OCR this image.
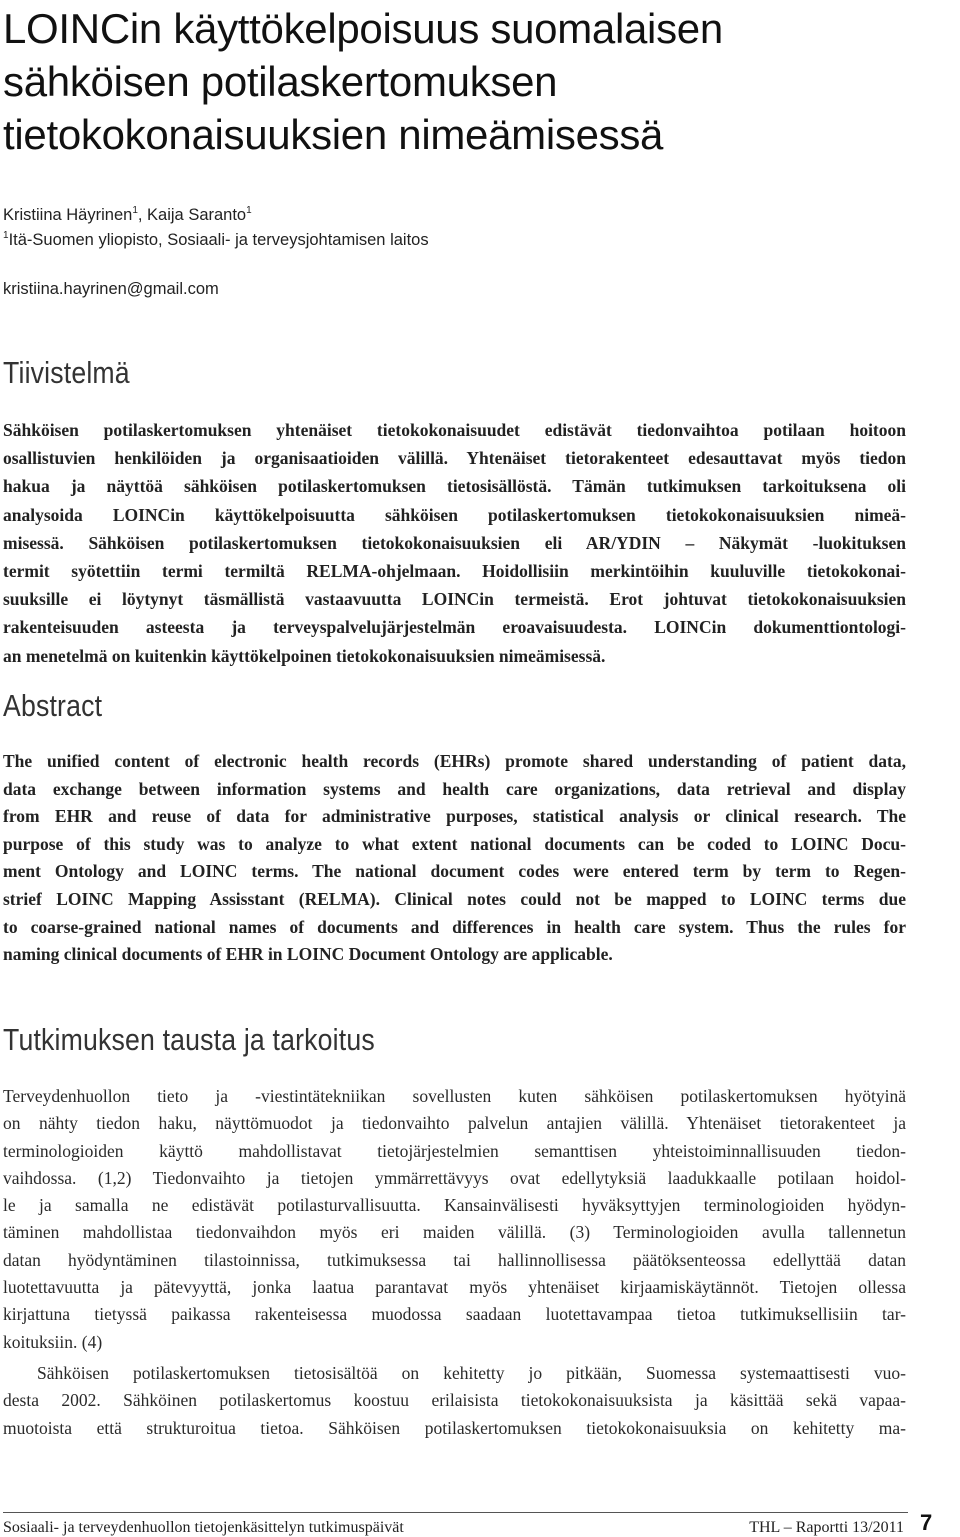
LOINCin käyttökelpoisuus suomalaisen
sähköisen potilaskertomuksen
tietokokonaisuuksien nimeämisessä
Kristiina Häyrinen$^1$, Kaija Saranto$^1$
$^1$Itä-Suomen yliopisto, Sosiaali- ja terveysjohtamisen laitos
kristiina.hayrinen@gmail.com
Tiivistelmä
Sähköisen potilaskertomuksen yhtenäiset tietokokonaisuudet edistävät tiedonvaihtoa potilaan hoitoon
osallistuvien henkilöiden ja organisaatioiden välillä. Yhtenäiset tietorakenteet edesauttavat myös tiedon
hakua ja näyttöä sähköisen potilaskertomuksen tietosisällöstä. Tämän tutkimuksen tarkoituksena oli
analysoida LOINCin käyttökelpoisuutta sähköisen potilaskertomuksen tietokokonaisuuksien nimeä-
misessä. Sähköisen potilaskertomuksen tietokokonaisuuksien eli AR/YDIN – Näkymät -luokituksen
termit syötettiin termi termiltä RELMA-ohjelmaan. Hoidollisiin merkintöihin kuuluville tietokokonai-
suuksille ei löytynyt täsmällistä vastaavuutta LOINCin termeistä. Erot johtuvat tietokokonaisuuksien
rakenteisuuden asteesta ja terveyspalvelujärjestelmän eroavaisuudesta. LOINCin dokumenttiontologi-
an menetelmä on kuitenkin käyttökelpoinen tietokokonaisuuksien nimeämisessä.
Abstract
The unified content of electronic health records (EHRs) promote shared understanding of patient data,
data exchange between information systems and health care organizations, data retrieval and display
from EHR and reuse of data for administrative purposes, statistical analysis or clinical research. The
purpose of this study was to analyze to what extent national documents can be coded to LOINC Docu-
ment Ontology and LOINC terms. The national document codes were entered term by term to Regen-
strief LOINC Mapping Assisstant (RELMA). Clinical notes could not be mapped to LOINC terms due
to coarse-grained national names of documents and differences in health care system. Thus the rules for
naming clinical documents of EHR in LOINC Document Ontology are applicable.
Tutkimuksen tausta ja tarkoitus
Terveydenhuollon tieto ja -viestintätekniikan sovellusten kuten sähköisen potilaskertomuksen hyötyinä
on nähty tiedon haku, näyttömuodot ja tiedonvaihto palvelun antajien välillä. Yhtenäiset tietorakenteet ja
terminologioiden käyttö mahdollistavat tietojärjestelmien semanttisen yhteistoiminnallisuuden tiedon-
vaihdossa. (1,2) Tiedonvaihto ja tietojen ymmärrettävyys ovat edellytyksiä laadukkaalle potilaan hoidol-
le ja samalla ne edistävät potilasturvallisuutta. Kansainvälisesti hyväksyttyjen terminologioiden hyödyn-
täminen mahdollistaa tiedonvaihdon myös eri maiden välillä. (3) Terminologioiden avulla tallennetun
datan hyödyntäminen tilastoinnissa, tutkimuksessa tai hallinnollisessa päätöksenteossa edellyttää datan
luotettavuutta ja pätevyyttä, jonka laatua parantavat myös yhtenäiset kirjaamiskäytännöt. Tietojen ollessa
kirjattuna tietyssä paikassa rakenteisessa muodossa saadaan luotettavampaa tietoa tutkimuksellisiin tar-
koituksiin. (4)
Sähköisen potilaskertomuksen tietosisältöä on kehitetty jo pitkään, Suomessa systemaattisesti vuo-
desta 2002. Sähköinen potilaskertomus koostuu erilaisista tietokokonaisuuksista ja käsittää sekä vapaa-
muotoista että strukturoitua tietoa. Sähköisen potilaskertomuksen tietokokonaisuuksia on kehitetty ma-
Sosiaali- ja terveydenhuollon tietojenkäsittelyn tutkimuspäivät	THL – Raportti 13/2011 7
